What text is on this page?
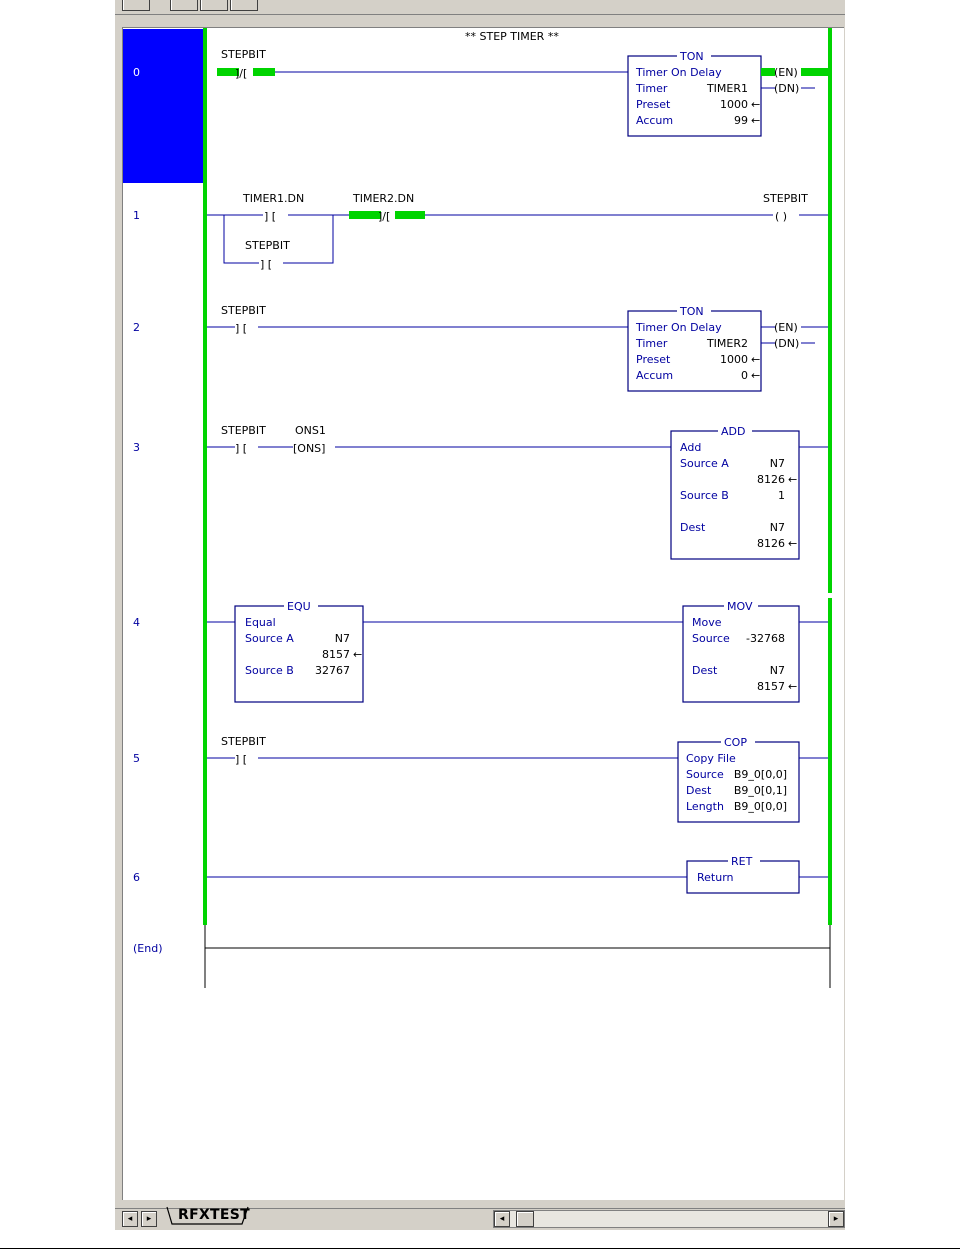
0
1
2
3
4
5
6
(End)
** STEP TIMER **
STEPBIT
]/[
TON
Timer On Delay
Timer	TIMER1
Preset	1000 ←
Accum	99 ←
(EN)
(DN)
TIMER1.DN
] [
TIMER2.DN
]/[
STEPBIT
( )
STEPBIT
] [
STEPBIT
] [
TON
Timer On Delay
Timer	TIMER2
Preset	1000 ←
Accum	0 ←
(EN)
(DN)
STEPBIT
] [
ONS1
[ONS]
ADD
Add
Source A	N7
8126 ←
Source B	1
Dest	N7
8126 ←
EQU
Equal
Source A	N7
8157 ←
Source B 32767
MOV
Move
Source -32768
Dest	N7
8157 ←
STEPBIT
] [
COP
Copy File
Source B9_0[0,0]
Dest B9_0[0,1]
Length B9_0[0,0]
RET
Return
◂	▸	RFXTEST	◂	▸
